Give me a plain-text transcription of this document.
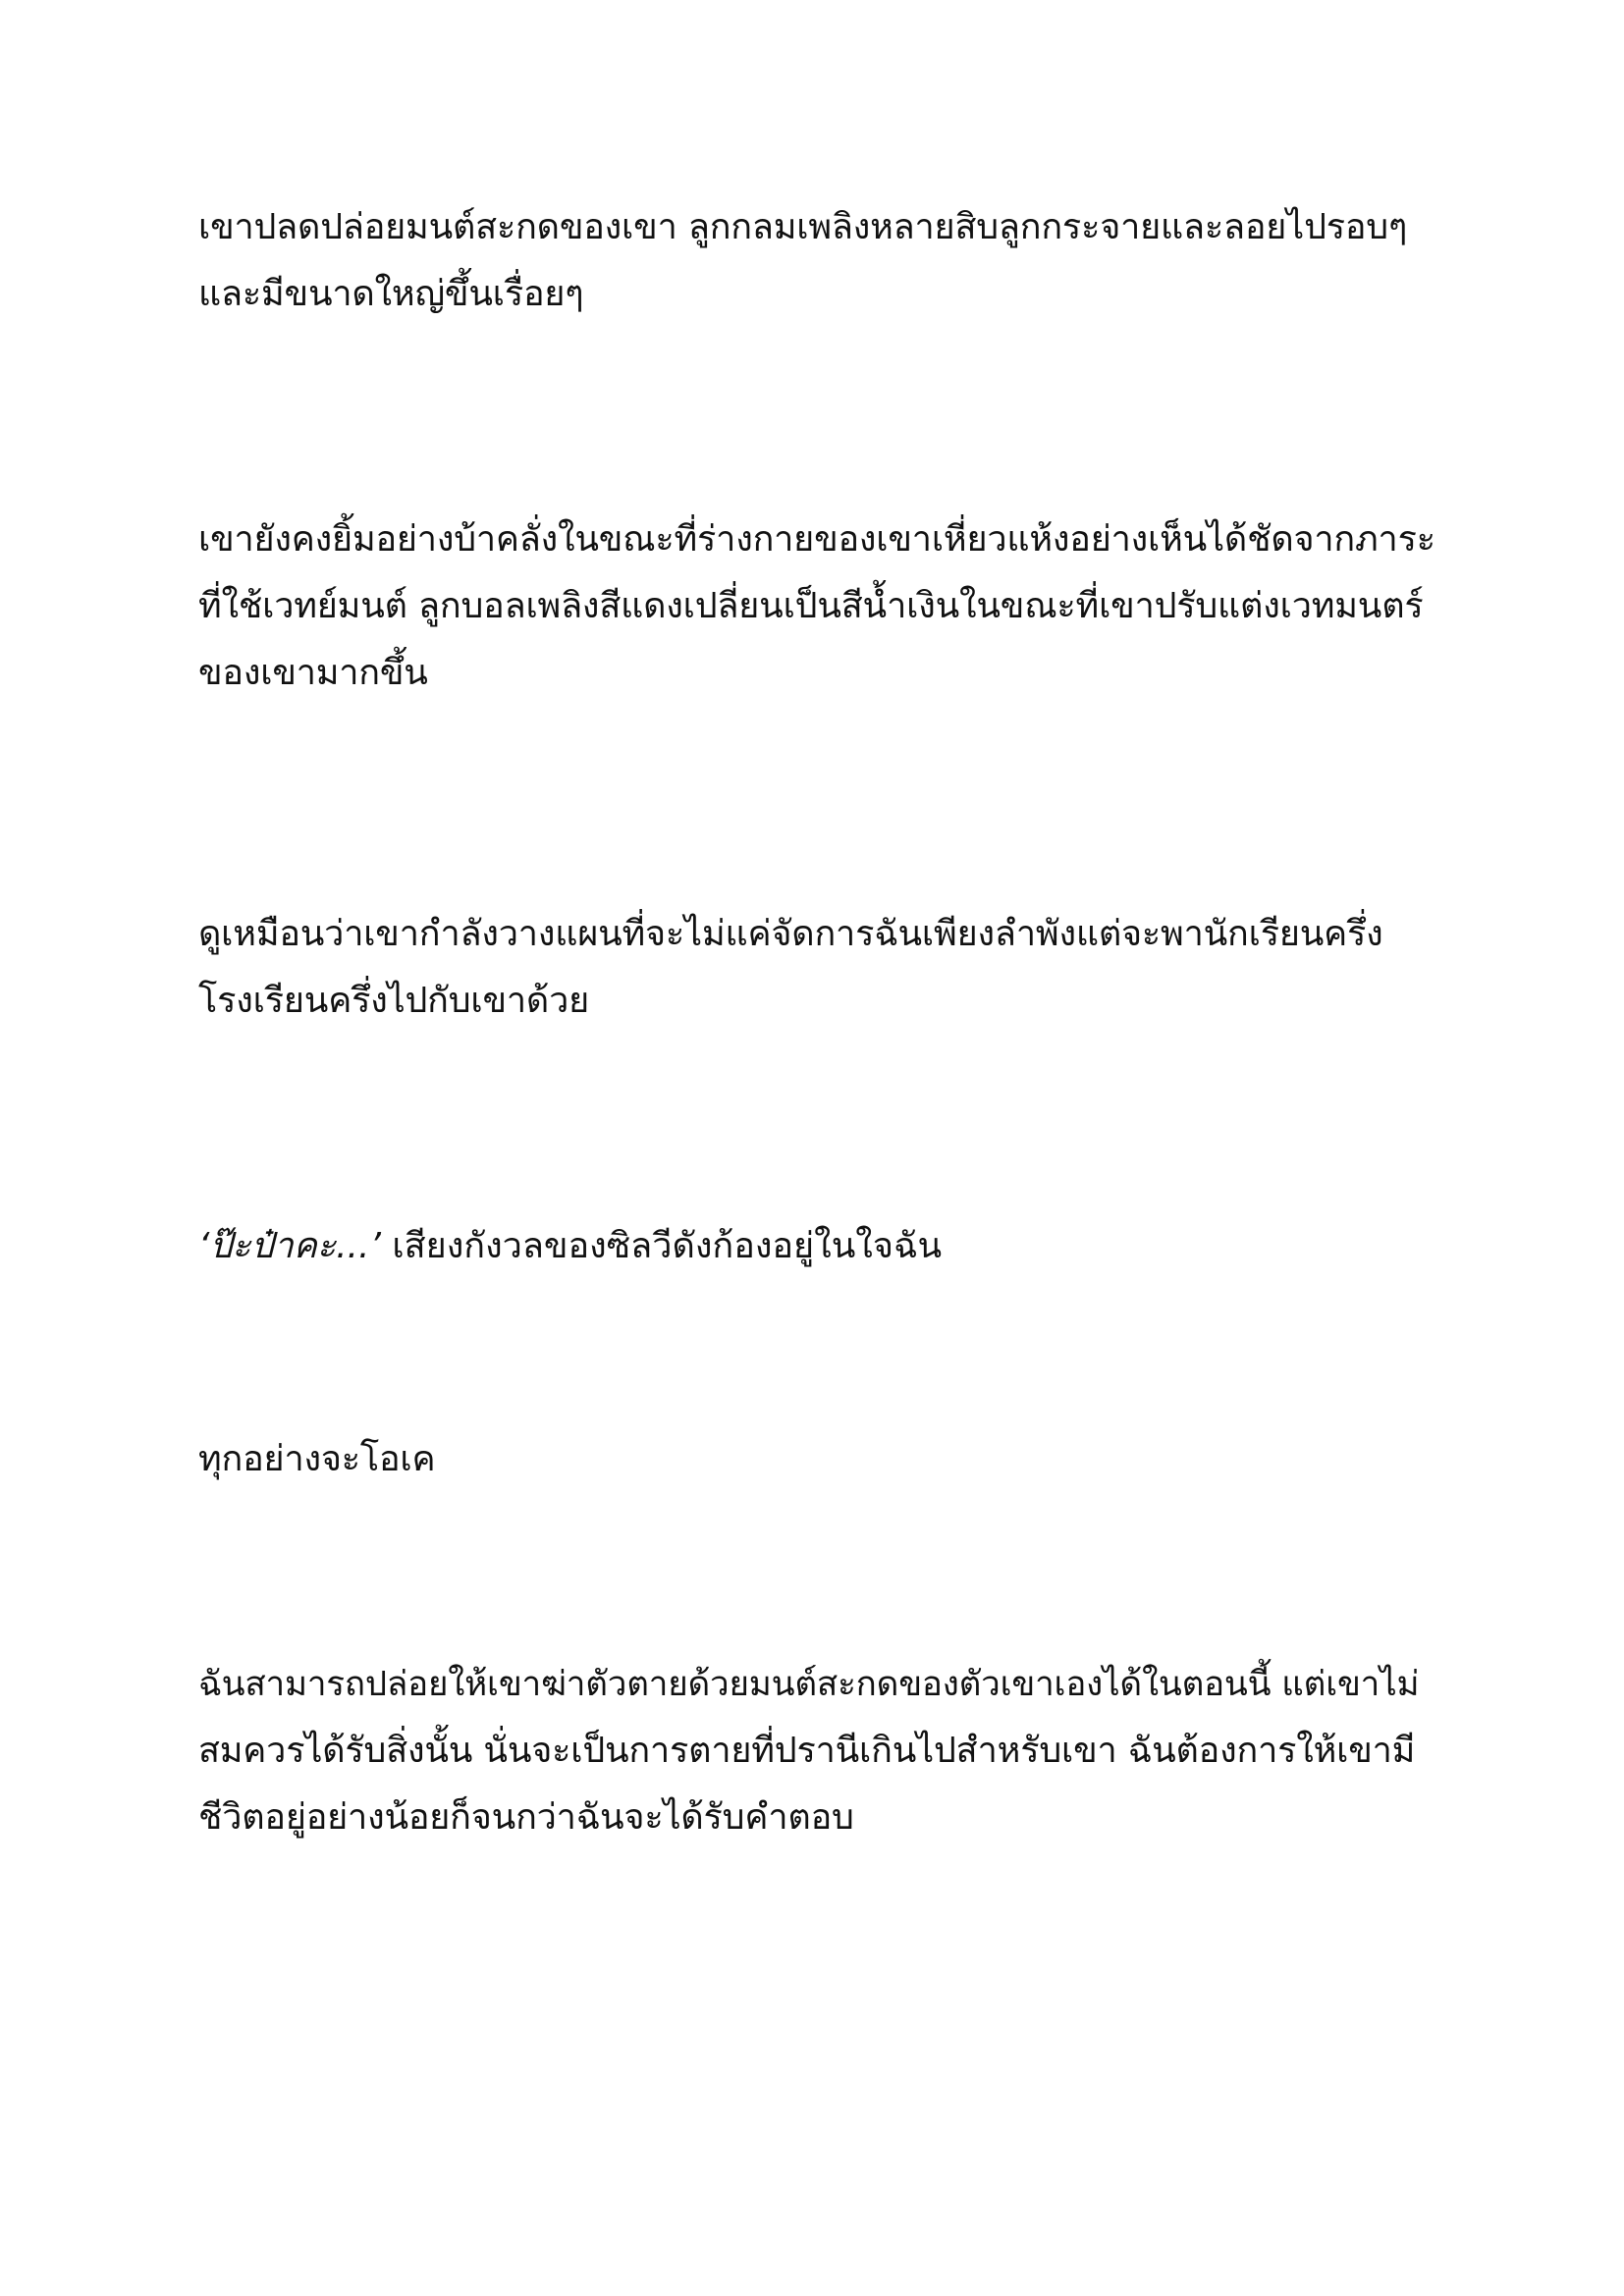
เขาปลดปล่อยมนต์สะกดของเขา ลูกกลมเพลิงหลายสิบลูกกระจายและลอยไปรอบๆ
และมีขนาดใหญ่ขึ้นเรื่อยๆ

เขายังคงยิ้มอย่างบ้าคลั่งในขณะที่ร่างกายของเขาเหี่ยวแห้งอย่างเห็นได้ชัดจากภาระ
ที่ใช้เวทย์มนต์ ลูกบอลเพลิงสีแดงเปลี่ยนเป็นสีน้ำเงินในขณะที่เขาปรับแต่งเวทมนตร์
ของเขามากขึ้น

ดูเหมือนว่าเขากำลังวางแผนที่จะไม่แค่จัดการฉันเพียงลำพังแต่จะพานักเรียนครึ่ง
โรงเรียนครึ่งไปกับเขาด้วย

‘ป๊ะป๋าคะ...’ เสียงกังวลของซิลวีดังก้องอยู่ในใจฉัน

ทุกอย่างจะโอเค

ฉันสามารถปล่อยให้เขาฆ่าตัวตายด้วยมนต์สะกดของตัวเขาเองได้ในตอนนี้ แต่เขาไม่
สมควรได้รับสิ่งนั้น นั่นจะเป็นการตายที่ปรานีเกินไปสำหรับเขา ฉันต้องการให้เขามี
ชีวิตอยู่อย่างน้อยก็จนกว่าฉันจะได้รับคำตอบ
